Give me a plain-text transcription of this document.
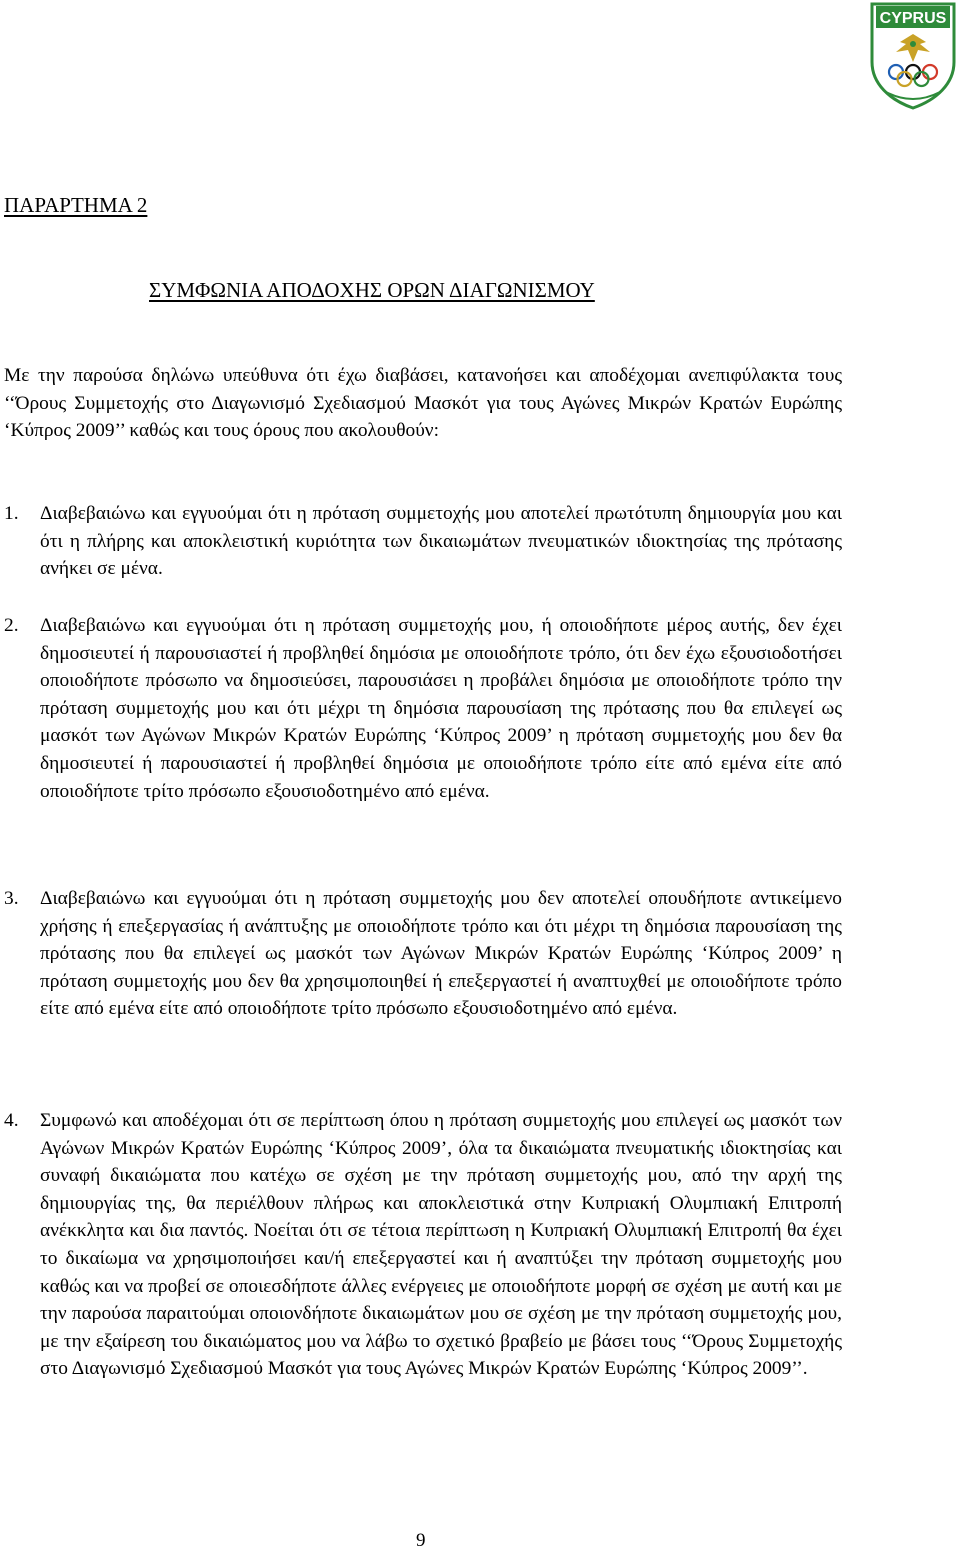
CYPRUS
ΠΑΡΑΡΤΗΜΑ 2
ΣΥΜΦΩΝΙΑ ΑΠΟΔΟΧΗΣ ΟΡΩΝ ΔΙΑΓΩΝΙΣΜΟΥ

Με την παρούσα δηλώνω υπεύθυνα ότι έχω διαβάσει, κατανοήσει και αποδέχομαι ανεπιφύλακτα τους ‘‘Όρους Συμμετοχής στο Διαγωνισμό Σχεδιασμού Μασκότ για τους Αγώνες Μικρών Κρατών Ευρώπης ‘Κύπρος 2009’’ καθώς και τους όρους που ακολουθούν:

1. Διαβεβαιώνω και εγγυούμαι ότι η πρόταση συμμετοχής μου αποτελεί πρωτότυπη δημιουργία μου και ότι η πλήρης και αποκλειστική κυριότητα των δικαιωμάτων πνευματικών ιδιοκτησίας της πρότασης ανήκει σε μένα.
2. Διαβεβαιώνω και εγγυούμαι ότι η πρόταση συμμετοχής μου, ή οποιοδήποτε μέρος αυτής, δεν έχει δημοσιευτεί ή παρουσιαστεί ή προβληθεί δημόσια με οποιοδήποτε τρόπο, ότι δεν έχω εξουσιοδοτήσει οποιοδήποτε πρόσωπο να δημοσιεύσει, παρουσιάσει η προβάλει δημόσια με οποιοδήποτε τρόπο την πρόταση συμμετοχής μου και ότι μέχρι τη δημόσια παρουσίαση της πρότασης που θα επιλεγεί ως μασκότ των Αγώνων Μικρών Κρατών Ευρώπης ‘Κύπρος 2009’ η πρόταση συμμετοχής μου δεν θα δημοσιευτεί ή παρουσιαστεί ή προβληθεί δημόσια με οποιοδήποτε τρόπο είτε από εμένα είτε από οποιοδήποτε τρίτο πρόσωπο εξουσιοδοτημένο από εμένα.
3. Διαβεβαιώνω και εγγυούμαι ότι η πρόταση συμμετοχής μου δεν αποτελεί οπουδήποτε αντικείμενο χρήσης ή επεξεργασίας ή ανάπτυξης με οποιοδήποτε τρόπο και ότι μέχρι τη δημόσια παρουσίαση της πρότασης που θα επιλεγεί ως μασκότ των Αγώνων Μικρών Κρατών Ευρώπης ‘Κύπρος 2009’ η πρόταση συμμετοχής μου δεν θα χρησιμοποιηθεί ή επεξεργαστεί ή αναπτυχθεί με οποιοδήποτε τρόπο είτε από εμένα είτε από οποιοδήποτε τρίτο πρόσωπο εξουσιοδοτημένο από εμένα.
4. Συμφωνώ και αποδέχομαι ότι σε περίπτωση όπου η πρόταση συμμετοχής μου επιλεγεί ως μασκότ των Αγώνων Μικρών Κρατών Ευρώπης ‘Κύπρος 2009’, όλα τα δικαιώματα πνευματικής ιδιοκτησίας και συναφή δικαιώματα που κατέχω σε σχέση με την πρόταση συμμετοχής μου, από την αρχή της δημιουργίας της, θα περιέλθουν πλήρως και αποκλειστικά στην Κυπριακή Ολυμπιακή Επιτροπή ανέκκλητα και δια παντός. Νοείται ότι σε τέτοια περίπτωση η Κυπριακή Ολυμπιακή Επιτροπή θα έχει το δικαίωμα να χρησιμοποιήσει και/ή επεξεργαστεί και ή αναπτύξει την πρόταση συμμετοχής μου καθώς και να προβεί σε οποιεσδήποτε άλλες ενέργειες με οποιοδήποτε μορφή σε σχέση με αυτή και με την παρούσα παραιτούμαι οποιονδήποτε δικαιωμάτων μου σε σχέση με την πρόταση συμμετοχής μου, με την εξαίρεση του δικαιώματος μου να λάβω το σχετικό βραβείο με βάσει τους ‘‘Όρους Συμμετοχής στο Διαγωνισμό Σχεδιασμού Μασκότ για τους Αγώνες Μικρών Κρατών Ευρώπης ‘Κύπρος 2009’’.

9
